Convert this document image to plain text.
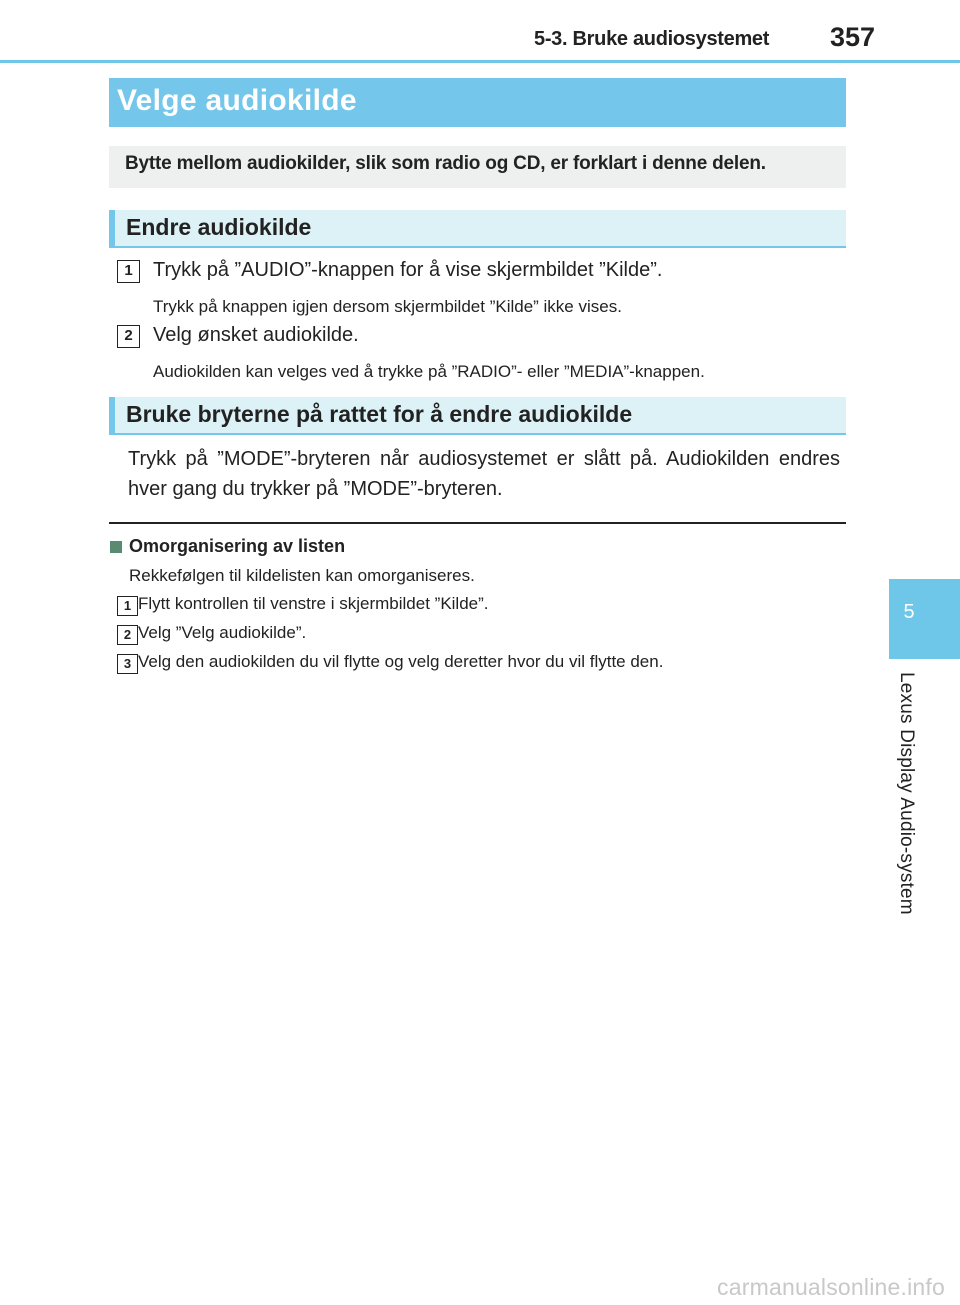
5-3. Bruke audiosystemet 357
5
Lexus Display Audio-system
Velge audiokilde
Bytte mellom audiokilder, slik som radio og CD, er forklart i denne delen.
Endre audiokilde
1	Trykk på ”AUDIO”-knappen for å vise skjermbildet ”Kilde”.
Trykk på knappen igjen dersom skjermbildet ”Kilde” ikke vises.
2	Velg ønsket audiokilde.
Audiokilden kan velges ved å trykke på ”RADIO”- eller ”MEDIA”-knappen.
Bruke bryterne på rattet for å endre audiokilde
Trykk på ”MODE”-bryteren når audiosystemet er slått på. Audiokilden endres hver gang du trykker på ”MODE”-bryteren.
Omorganisering av listen
Rekkefølgen til kildelisten kan omorganiseres.
1 Flytt kontrollen til venstre i skjermbildet ”Kilde”.
2 Velg ”Velg audiokilde”.
3 Velg den audiokilden du vil flytte og velg deretter hvor du vil flytte den.
carmanualsonline.info
